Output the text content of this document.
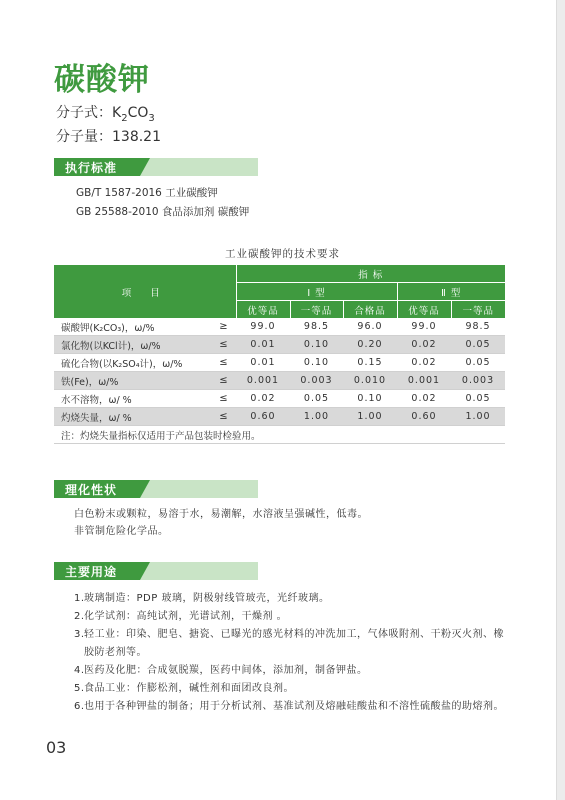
碳酸钾
分子式：$K_2CO_3$
分子量：138.21
执行标准
GB/T 1587-2016 工业碳酸钾
GB 25588-2010 食品添加剂 碳酸钾
工业碳酸钾的技术要求
项 目		指 标				
		Ⅰ 型			Ⅱ 型	
		优等品	一等品	合格品	优等品	一等品
碳酸钾(K₂CO₃)，ω/%	≥	99.0	98.5	96.0	99.0	98.5
氯化物(以KCl计)，ω/%	≤	0.01	0.10	0.20	0.02	0.05
硫化合物(以K₂SO₄计)，ω/%	≤	0.01	0.10	0.15	0.02	0.05
铁(Fe)，ω/%	≤	0.001	0.003	0.010	0.001	0.003
水不溶物，ω/ %	≤	0.02	0.05	0.10	0.02	0.05
灼烧失量，ω/ %	≤	0.60	1.00	1.00	0.60	1.00
注：灼烧失量指标仅适用于产品包装时检验用。						
理化性状
白色粉末或颗粒，易溶于水，易潮解，水溶液呈强碱性，低毒。
非管制危险化学品。
主要用途
1. 玻璃制造：PDP 玻璃，阴极射线管玻壳，光纤玻璃。
2. 化学试剂：高纯试剂，光谱试剂，干燥剂 。
3. 轻工业：印染、肥皂、搪瓷、已曝光的感光材料的冲洗加工，气体吸附剂、干粉灭火剂、橡胶防老剂等。
4. 医药及化肥：合成氨脱羰，医药中间体，添加剂，制备钾盐。
5. 食品工业：作膨松剂，碱性剂和面团改良剂。
6. 也用于各种钾盐的制备；用于分析试剂、基准试剂及熔融硅酸盐和不溶性硫酸盐的助熔剂。
03
